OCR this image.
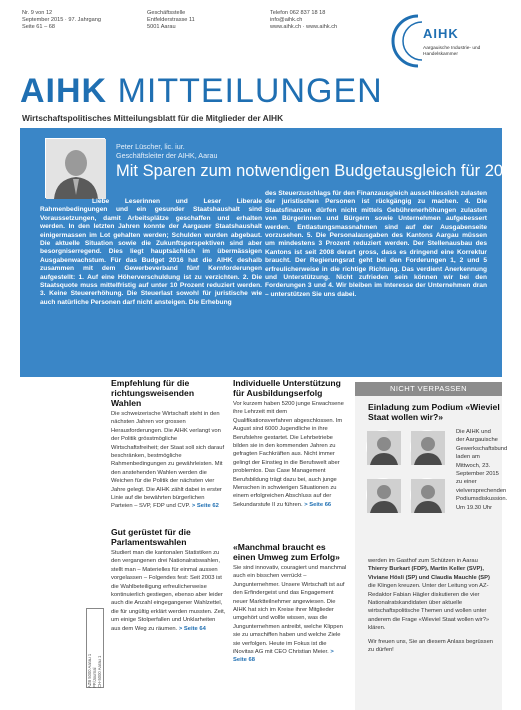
Nr. 9 von 12
September 2015 · 97. Jahrgang
Seite 61 – 68
Geschäftsstelle
Entfelderstrasse 11
5001 Aarau
Telefon 062 837 18 18
info@aihk.ch
www.aihk.ch · www.aihk.ch	AIHK
Aargauische Industrie- und Handelskammer
AIHK MITTEILUNGEN
Wirtschaftspolitisches Mitteilungsblatt für die Mitglieder der AIHK
Peter Lüscher, lic. iur.
Geschäftsleiter der AIHK, Aarau
Mit Sparen zum notwendigen Budgetausgleich für 2016

Liebe Leserinnen und Leser Liberale Rahmenbedingungen und ein gesunder Staatshaushalt sind Voraussetzungen, damit Arbeitsplätze geschaffen und erhalten werden. In den letzten Jahren konnte der Aargauer Staatshaushalt einigermassen im Lot gehalten werden; Schulden wurden abgebaut. Die aktuelle Situation sowie die Zukunftsperspektiven sind aber besorgniserregend. Dies liegt hauptsächlich im übermässigen Ausgabenwachstum. Für das Budget 2016 hat die AIHK deshalb zusammen mit dem Gewerbeverband fünf Kernforderungen aufgestellt: 1. Auf eine Höherverschuldung ist zu verzichten. 2. Die Staatsquote muss mittelfristig auf unter 10 Prozent reduziert werden. 3. Keine Steuererhöhung. Die Steuerlast sowohl für juristische wie auch natürliche Personen darf nicht ansteigen. Die Erhebung

des Steuerzuschlags für den Finanzausgleich ausschliesslich zulasten der juristischen Personen ist rückgängig zu machen. 4. Die Staatsfinanzen dürfen nicht mittels Gebührenerhöhungen zulasten von Bürgerinnen und Bürgern sowie Unternehmen aufgebessert werden. Entlastungsmassnahmen sind auf der Ausgabenseite vorzusehen. 5. Die Personalausgaben des Kantons Aargau müssen um mindestens 3 Prozent reduziert werden. Der Stellenausbau des Kantons ist seit 2008 derart gross, dass es dringend eine Korrektur braucht. Der Regierungsrat geht bei den Forderungen 1, 2 und 5 erfreulicherweise in die richtige Richtung. Das verdient Anerkennung und Unterstützung. Nicht zufrieden sein können wir bei den Forderungen 3 und 4. Wir bleiben im Interesse der Unternehmen dran – unterstützen Sie uns dabei.

Empfehlung für die richtungsweisenden Wahlen

Die schweizerische Wirtschaft steht in den nächsten Jahren vor grossen Herausforderungen. Die AIHK verlangt von der Politik grösstmögliche Wirtschaftsfreiheit; der Staat soll sich darauf beschränken, bestmögliche Rahmenbedingungen zu gewährleisten. Mit den anstehenden Wahlen werden die Weichen für die Politik der nächsten vier Jahre gelegt. Die AIHK zählt dabei in erster Linie auf die bewährten bürgerlichen Parteien – SVP, FDP und CVP. > Seite 62

Gut gerüstet für die Parlamentswahlen

Studiert man die kantonalen Statistiken zu den vergangenen drei Nationalratswahlen, stellt man – Materielles für einmal aussen vorgelassen – Folgendes fest: Seit 2003 ist die Wahlbeteiligung erfreulicherweise kontinuierlich gestiegen, ebenso aber leider auch die Anzahl eingegangener Wahlzettel, die für ungültig erklärt werden mussten. Zeit, um einige Stolperfallen und Unklarheiten aus dem Weg zu räumen. > Seite 64

Individuelle Unterstützung für Ausbildungserfolg

Vor kurzem haben 5200 junge Erwachsene ihre Lehrzeit mit dem Qualifikationsverfahren abgeschlossen. Im August sind 6000 Jugendliche in ihre Berufslehre gestartet. Die Lehrbetriebe bilden sie in den kommenden Jahren zu gefragten Fachkräften aus. Nicht immer gelingt der Einstieg in die Berufswelt aber problemlos. Das Case Management Berufsbildung trägt dazu bei, auch junge Menschen in schwierigen Situationen zu einem erfolgreichen Abschluss auf der Sekundarstufe II zu führen. > Seite 66

«Manchmal braucht es einen Umweg zum Erfolg»

Sie sind innovativ, couragiert und manchmal auch ein bisschen verrückt – Jungunternehmer. Unsere Wirtschaft ist auf den Erfindergeist und das Engagement neuer Marktteilnehmer angewiesen. Die AIHK hat sich im Kreise ihrer Mitglieder umgehört und wollte wissen, was die Jungunternehmen antreibt, welche Klippen sie zu umschiffen haben und welche Ziele sie verfolgen. Heute im Fokus ist die iNovitas AG mit CEO Christian Meier. > Seite 68

NICHT VERPASSEN
Einladung zum Podium «Wieviel Staat wollen wir?»
Die AIHK und der Aargauische Gewerkschaftsbund laden am Mittwoch, 23. September 2015 zu einer vielversprechenden Podiumsdiskussion. Um 19.30 Uhr

werden im Gasthof zum Schützen in Aarau Thierry Burkart (FDP), Martin Keller (SVP), Viviane Hösli (SP) und Claudia Mauchle (SP) die Klingen kreuzen. Unter der Leitung von AZ-Redaktor Fabian Hägler diskutieren die vier Nationalratskandidaten über aktuelle wirtschaftspolitische Themen und wollen unter anderem die Frage «Wieviel Staat wollen wir?» klären.

Wir freuen uns, Sie an diesem Anlass begrüssen zu dürfen!

AZB 5000 Aarau 1 PP/Journal CH-5000 Aarau 1
